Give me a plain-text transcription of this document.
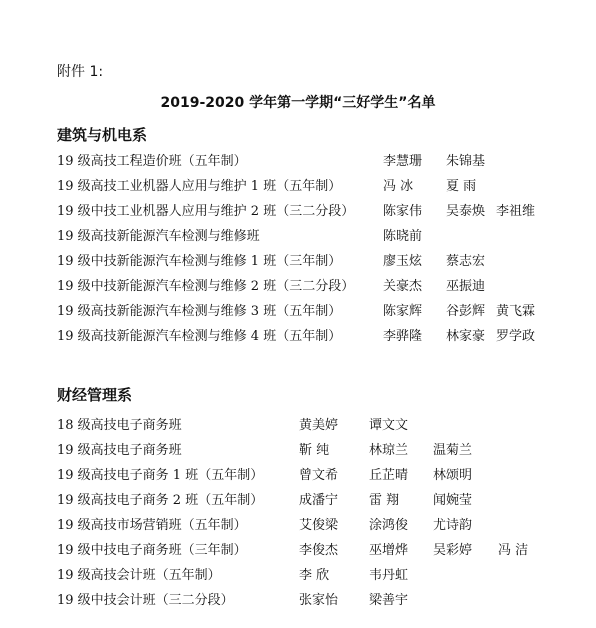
附件 1:
2019-2020 学年第一学期“三好学生”名单
建筑与机电系
19 级高技工程造价班（五年制）	李慧珊 朱锦基
19 级高技工业机器人应用与维护 1 班（五年制）	冯 冰	夏 雨
19 级中技工业机器人应用与维护 2 班（三二分段） 陈家伟 吴泰焕 李祖维
19 级高技新能源汽车检测与维修班	陈晓前
19 级中技新能源汽车检测与维修 1 班（三年制）	廖玉炫 蔡志宏
19 级中技新能源汽车检测与维修 2 班（三二分段） 关豪杰 巫振迪
19 级高技新能源汽车检测与维修 3 班（五年制）	陈家辉 谷彭辉 黄飞霖
19 级高技新能源汽车检测与维修 4 班（五年制）	李骅隆 林家豪 罗学政
财经管理系
18 级高技电子商务班	黄美婷 谭文文
19 级高技电子商务班	靳 纯	林琼兰 温菊兰
19 级高技电子商务 1 班（五年制）	曾文希 丘芷晴 林颂明
19 级高技电子商务 2 班（五年制）	成潘宁 雷 翔	闻婉莹
19 级高技市场营销班（五年制）	艾俊梁 涂鸿俊 尤诗韵
19 级中技电子商务班（三年制）	李俊杰 巫增烨 吴彩婷 冯 洁
19 级高技会计班（五年制）	李 欣	韦丹虹
19 级中技会计班（三二分段）	张家怡 梁善宇
